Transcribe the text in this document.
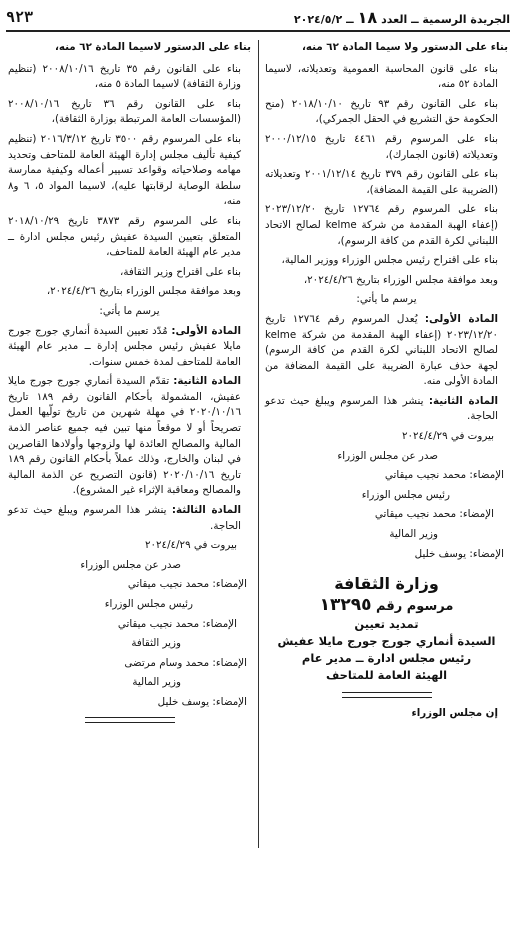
الجريدة الرسمية ــ العدد
١٨
ــ ٢٠٢٤/٥/٢
٩٢٣

بناء على الدستور ولا سيما المادة ٦٢ منه،

بناء على قانون المحاسبة العمومية وتعديلاته، لاسيما المادة ٥٢ منه،

بناء على القانون رقم ٩٣ تاريخ ٢٠١٨/١٠/١٠ (منح الحكومة حق التشريع في الحقل الجمركي)،

بناء على المرسوم رقم ٤٤٦١ تاريخ ٢٠٠٠/١٢/١٥ وتعديلاته (قانون الجمارك)،

بناء على القانون رقم ٣٧٩ تاريخ ٢٠٠١/١٢/١٤ وتعديلاته (الضريبة على القيمة المضافة)،

بناء على المرسوم رقم ١٢٧٦٤ تاريخ ٢٠٢٣/١٢/٢٠ (إعفاء الهبة المقدمة من شركة kelme لصالح الاتحاد اللبناني لكرة القدم من كافة الرسوم)،

بناء على اقتراح رئيس مجلس الوزراء ووزير المالية،

وبعد موافقة مجلس الوزراء بتاريخ ٢٠٢٤/٤/٢٦،

يرسم ما يأتي:

المادة الأولى: يُعدل المرسوم رقم ١٢٧٦٤ تاريخ ٢٠٢٣/١٢/٢٠ (إعفاء الهبة المقدمة من شركة kelme لصالح الاتحاد اللبناني لكرة القدم من كافة الرسوم) لجهة حذف عبارة الضريبة على القيمة المضافة من المادة الأولى منه.

المادة الثانية: ينشر هذا المرسوم ويبلغ حيث تدعو الحاجة.

بيروت في ٢٠٢٤/٤/٢٩

صدر عن مجلس الوزراء

الإمضاء: محمد نجيب ميقاتي

رئيس مجلس الوزراء

الإمضاء: محمد نجيب ميقاتي

وزير المالية

الإمضاء: يوسف خليل

وزارة الثقافة
مرسوم رقم ١٣٢٩٥
تمديد تعيين
السيدة أنماري جورج جورج مايلا عفيش
رئيس مجلس ادارة ــ مدير عام
الهيئة العامة للمتاحف

إن مجلس الوزراء

بناء على الدستور لاسيما المادة ٦٢ منه،

بناء على القانون رقم ٣٥ تاريخ ٢٠٠٨/١٠/١٦ (تنظيم وزارة الثقافة) لاسيما المادة ٥ منه،

بناء على القانون رقم ٣٦ تاريخ ٢٠٠٨/١٠/١٦ (المؤسسات العامة المرتبطة بوزارة الثقافة)،

بناء على المرسوم رقم ٣٥٠٠ تاريخ ٢٠١٦/٣/١٢ (تنظيم كيفية تأليف مجلس إدارة الهيئة العامة للمتاحف وتحديد مهامه وصلاحياته وقواعد تسيير أعماله وكيفية ممارسة سلطة الوصاية لرقابتها عليه)، لاسيما المواد ٥، ٦ و٨ منه،

بناء على المرسوم رقم ٣٨٧٣ تاريخ ٢٠١٨/١٠/٢٩ المتعلق بتعيين السيدة عفيش رئيس مجلس ادارة ــ مدير عام الهيئة العامة للمتاحف،

بناء على اقتراح وزير الثقافة،

وبعد موافقة مجلس الوزراء بتاريخ ٢٠٢٤/٤/٢٦،

يرسم ما يأتي:

المادة الأولى: مُدّد تعيين السيدة أنماري جورج جورج مايلا عفيش رئيس مجلس إدارة ــ مدير عام الهيئة العامة للمتاحف لمدة خمس سنوات.

المادة الثانية: تقدّم السيدة أنماري جورج جورج مايلا عفيش، المشمولة بأحكام القانون رقم ١٨٩ تاريخ ٢٠٢٠/١٠/١٦ في مهلة شهرين من تاريخ تولّيها العمل تصريحاً أو لا موقعاً منها تبين فيه جميع عناصر الذمة المالية والمصالح العائدة لها ولزوجها وأولادها القاصرين في لبنان والخارج، وذلك عملاً بأحكام القانون رقم ١٨٩ تاريخ ٢٠٢٠/١٠/١٦ (قانون التصريح عن الذمة المالية والمصالح ومعاقبة الإثراء غير المشروع).

المادة الثالثة: ينشر هذا المرسوم ويبلغ حيث تدعو الحاجة.

بيروت في ٢٠٢٤/٤/٢٩

صدر عن مجلس الوزراء

الإمضاء: محمد نجيب ميقاتي

رئيس مجلس الوزراء

الإمضاء: محمد نجيب ميقاتي

وزير الثقافة

الإمضاء: محمد وسام مرتضى

وزير المالية

الإمضاء: يوسف خليل
